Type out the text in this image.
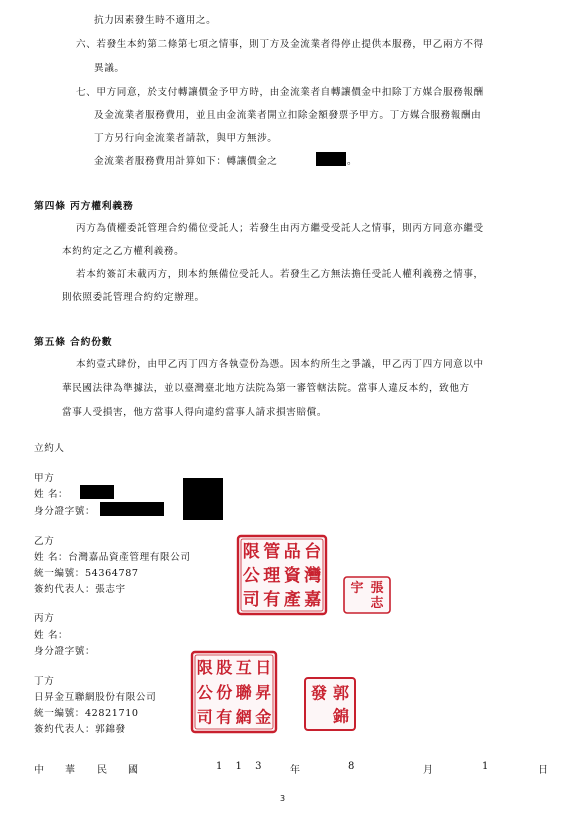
抗力因素發生時不適用之。
六、若發生本約第二條第七項之情事，則丁方及金流業者得停止提供本服務，甲乙兩方不得
異議。
七、甲方同意，於支付轉讓價金予甲方時，由金流業者自轉讓價金中扣除丁方媒合服務報酬
及金流業者服務費用，並且由金流業者開立扣除金額發票予甲方。丁方媒合服務報酬由
丁方另行向金流業者請款，與甲方無涉。
金流業者服務費用計算如下：轉讓價金之	。
第四條 丙方權利義務
丙方為債權委託管理合約備位受託人；若發生由丙方繼受受託人之情事，則丙方同意亦繼受
本約約定之乙方權利義務。
若本約簽訂未載丙方，則本約無備位受託人。若發生乙方無法擔任受託人權利義務之情事，
則依照委託管理合約約定辦理。
第五條 合約份數
本約壹式肆份，由甲乙丙丁四方各執壹份為憑。因本約所生之爭議，甲乙丙丁四方同意以中
華民國法律為準據法，並以臺灣臺北地方法院為第一審管轄法院。當事人違反本約，致他方
當事人受損害，他方當事人得向違約當事人請求損害賠償。
立約人
甲方
姓 名：
身分證字號：
乙方
姓 名：台灣嘉品資產管理有限公司
統一編號：54364787
簽約代表人：張志宇
丙方
姓 名：
身分證字號：
丁方
日昇金互聯網股份有限公司
統一編號：42821710
簽約代表人：郭錦發
台
灣
嘉
品
資
產
管
理
有
限
公
司
張
志
宇
日
昇
金
互
聯
網
股
份
有
限
公
司
郭
錦
發
中 華 民 國	1 1 3 年	8	月	1	日
3
